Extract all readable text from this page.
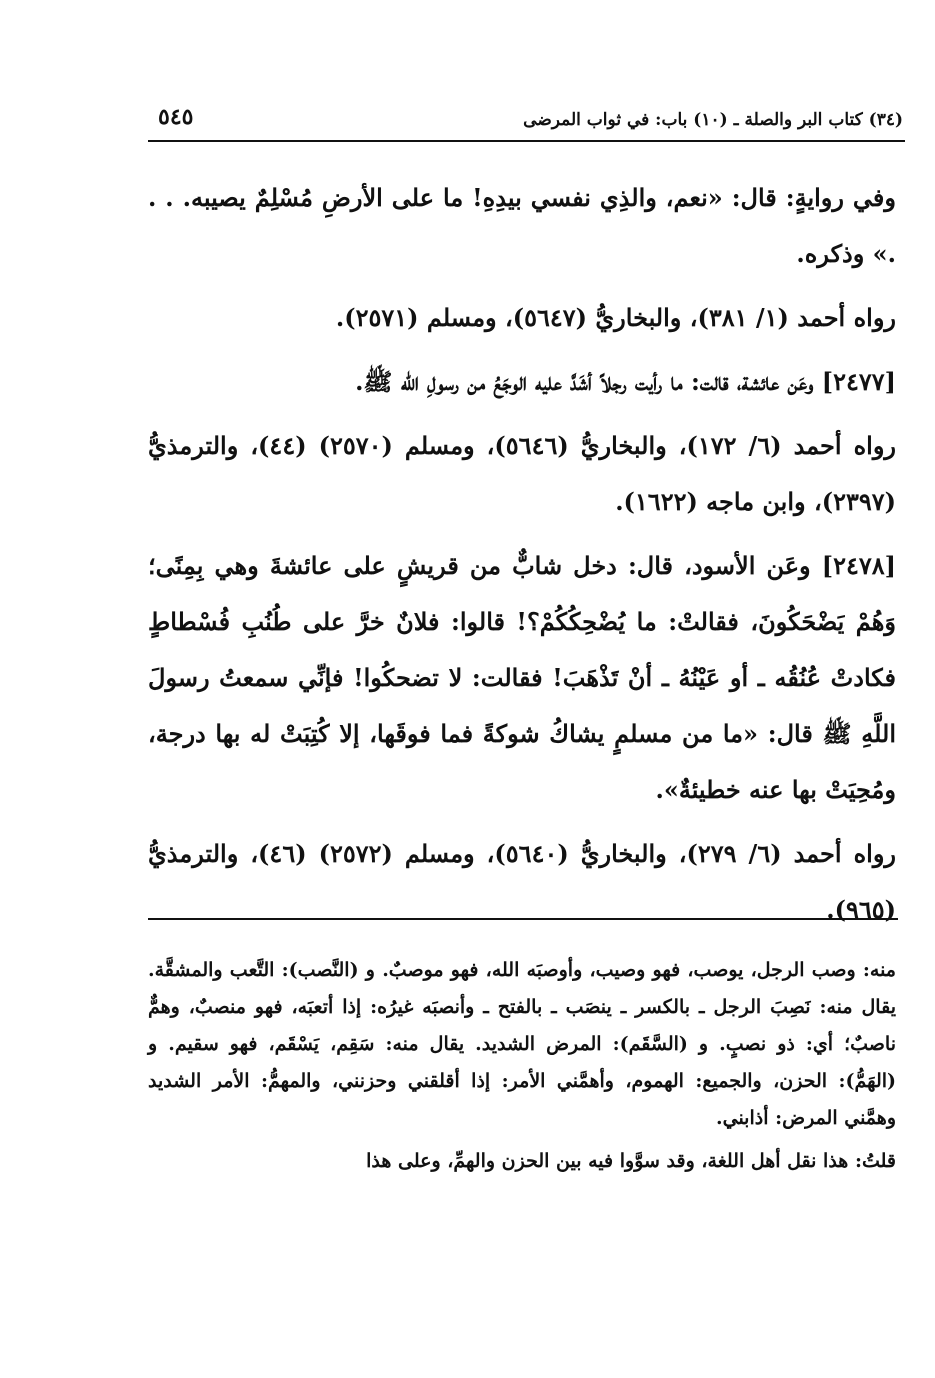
(٣٤) كتاب البر والصلة ـ (١٠) باب: في ثواب المرضى
٥٤٥

وفي روايةٍ: قال: «نعم، والذِي نفسي بيدِهِ! ما على الأرضِ مُسْلِمٌ يصيبه. . . .» وذكره.

رواه أحمد (١/ ٣٨١)، والبخاريُّ (٥٦٤٧)، ومسلم (٢٥٧١).

[٢٤٧٧] وعَن عائشة، قالت: ما رأيت رجلاً أشَدَّ عليه الوجَعُ من رسولِ الله ﷺ.

رواه أحمد (٦/ ١٧٢)، والبخاريُّ (٥٦٤٦)، ومسلم (٢٥٧٠) (٤٤)، والترمذيُّ (٢٣٩٧)، وابن ماجه (١٦٢٢).

[٢٤٧٨] وعَن الأسود، قال: دخل شابٌّ من قريشٍ على عائشةَ وهي بِمِنًى؛ وَهُمْ يَضْحَكُونَ، فقالتْ: ما يُضْحِكُكُمْ؟! قالوا: فلانٌ خرَّ على طُنُبِ فُسْطاطٍ فكادتْ عُنُقُه ـ أو عَيْنُهُ ـ أنْ تَذْهَبَ! فقالت: لا تضحكُوا! فإنِّي سمعتُ رسولَ اللَّهِ ﷺ قال: «ما من مسلمٍ يشاكُ شوكةً فما فوقَها، إلا كُتِبَتْ له بها درجة، ومُحِيَتْ بها عنه خطيئةٌ».

رواه أحمد (٦/ ٢٧٩)، والبخاريُّ (٥٦٤٠)، ومسلم (٢٥٧٢) (٤٦)، والترمذيُّ (٩٦٥).

منه: وصب الرجل، يوصب، فهو وصيب، وأوصبَه الله، فهو موصبٌ. و (النَّصب): التَّعب والمشقَّة. يقال منه: نَصِبَ الرجل ـ بالكسر ـ ينصَب ـ بالفتح ـ وأنصبَه غيرُه: إذا أتعبَه، فهو منصبٌ، وهمٌّ ناصبٌ؛ أي: ذو نصبٍ. و (السَّقَم): المرض الشديد. يقال منه: سَقِم، يَسْقَم، فهو سقيم. و (الهَمُّ): الحزن، والجميع: الهموم، وأهمَّني الأمر: إذا أقلقني وحزنني، والمهمُّ: الأمر الشديد وهمَّني المرض: أذابني.

قلتُ: هذا نقل أهل اللغة، وقد سوَّوا فيه بين الحزن والهمِّ، وعلى هذا
